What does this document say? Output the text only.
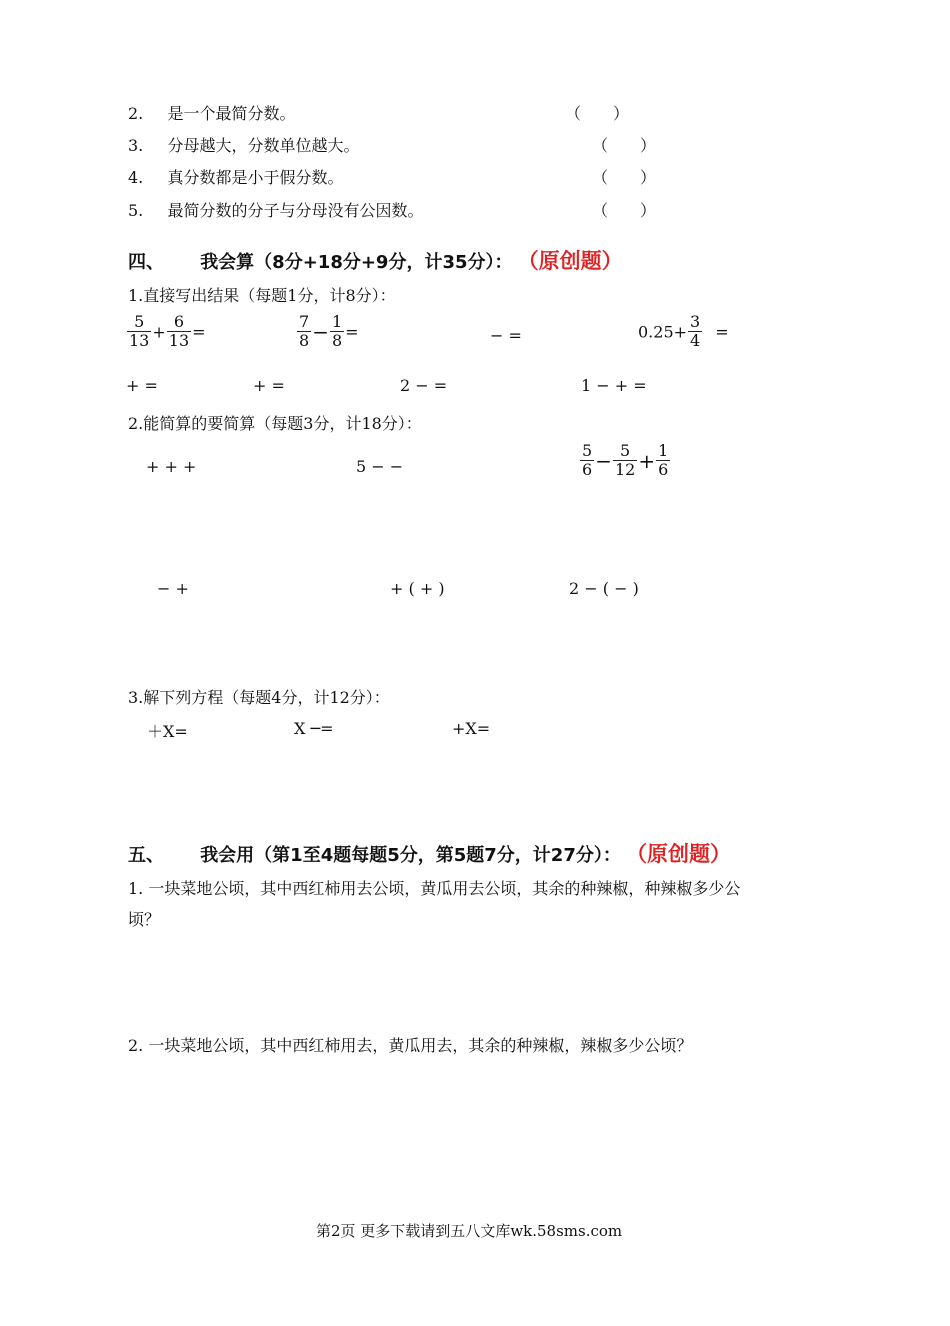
2. 是一个最简分数。	（　　）
3. 分母越大，分数单位越大。	（　　）
4. 真分数都是小于假分数。	（　　）
5. 最简分数的分子与分母没有公因数。	（　　）
四、 我会算（8分+18分+9分，计35分）： （原创题）
1.直接写出结果（每题1分，计8分）：
$\frac{5}{13} + \frac{6}{13}$ =	$\frac{7}{8} - \frac{1}{8}$ =	− =	$0.25+ \frac{3}{4}$ =
+ =	+ =	2 − =	1 − + =
2.能简算的要简算（每题3分，计18分）：
+ + +	5 − −	$\frac{5}{6} - \frac{5}{12} + \frac{1}{6}$
− +	+ ( + )	2 − ( − )
3.解下列方程（每题4分，计12分）：
＋X=	X ─=	+X=
五、 我会用（第1至4题每题5分，第5题7分，计27分）： （原创题）
1. 一块菜地公顷，其中西红柿用去公顷，黄瓜用去公顷，其余的种辣椒，种辣椒多少公
顷？
2. 一块菜地公顷，其中西红柿用去，黄瓜用去，其余的种辣椒，辣椒多少公顷？
第2页 更多下载请到五八文库wk.58sms.com
